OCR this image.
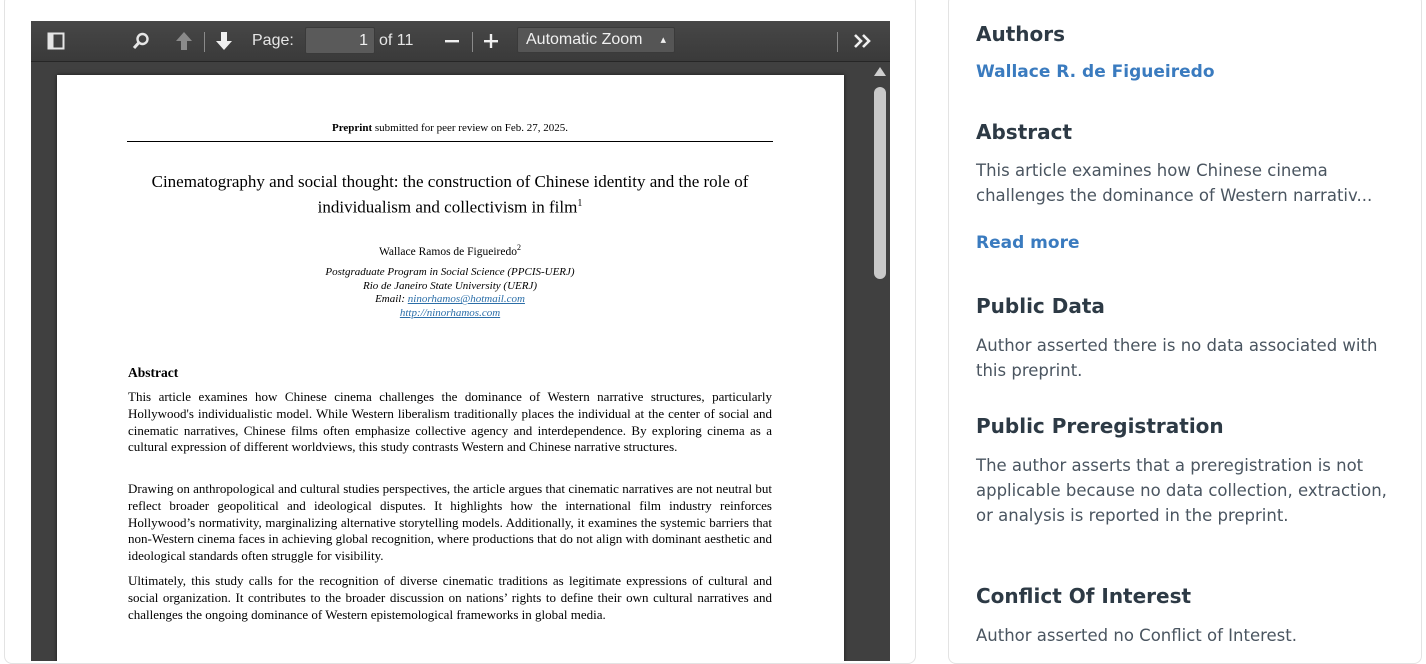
Page:	1 of 11	Automatic Zoom ▴

Preprint submitted for peer review on Feb. 27, 2025.
Cinematography and social thought: the construction of Chinese identity and the role of individualism and collectivism in film$^1$
Wallace Ramos de Figueiredo$^2$
Postgraduate Program in Social Science (PPCIS-UERJ)
Rio de Janeiro State University (UERJ)
Email: ninorhamos@hotmail.com
http://ninorhamos.com
Abstract
This article examines how Chinese cinema challenges the dominance of Western narrative structures, particularly Hollywood's individualistic model. While Western liberalism traditionally places the individual at the center of social and cinematic narratives, Chinese films often emphasize collective agency and interdependence. By exploring cinema as a cultural expression of different worldviews, this study contrasts Western and Chinese narrative structures.
Drawing on anthropological and cultural studies perspectives, the article argues that cinematic narratives are not neutral but reflect broader geopolitical and ideological disputes. It highlights how the international film industry reinforces Hollywood’s normativity, marginalizing alternative storytelling models. Additionally, it examines the systemic barriers that non-Western cinema faces in achieving global recognition, where productions that do not align with dominant aesthetic and ideological standards often struggle for visibility.
Ultimately, this study calls for the recognition of diverse cinematic traditions as legitimate expressions of cultural and social organization. It contributes to the broader discussion on nations’ rights to define their own cultural narratives and challenges the ongoing dominance of Western epistemological frameworks in global media.
Authors
Wallace R. de Figueiredo
Abstract
This article examines how Chinese cinema challenges the dominance of Western narrativ...
Read more
Public Data
Author asserted there is no data associated with this preprint.
Public Preregistration
The author asserts that a preregistration is not applicable because no data collection, extraction, or analysis is reported in the preprint.
Conflict Of Interest
Author asserted no Conflict of Interest.
